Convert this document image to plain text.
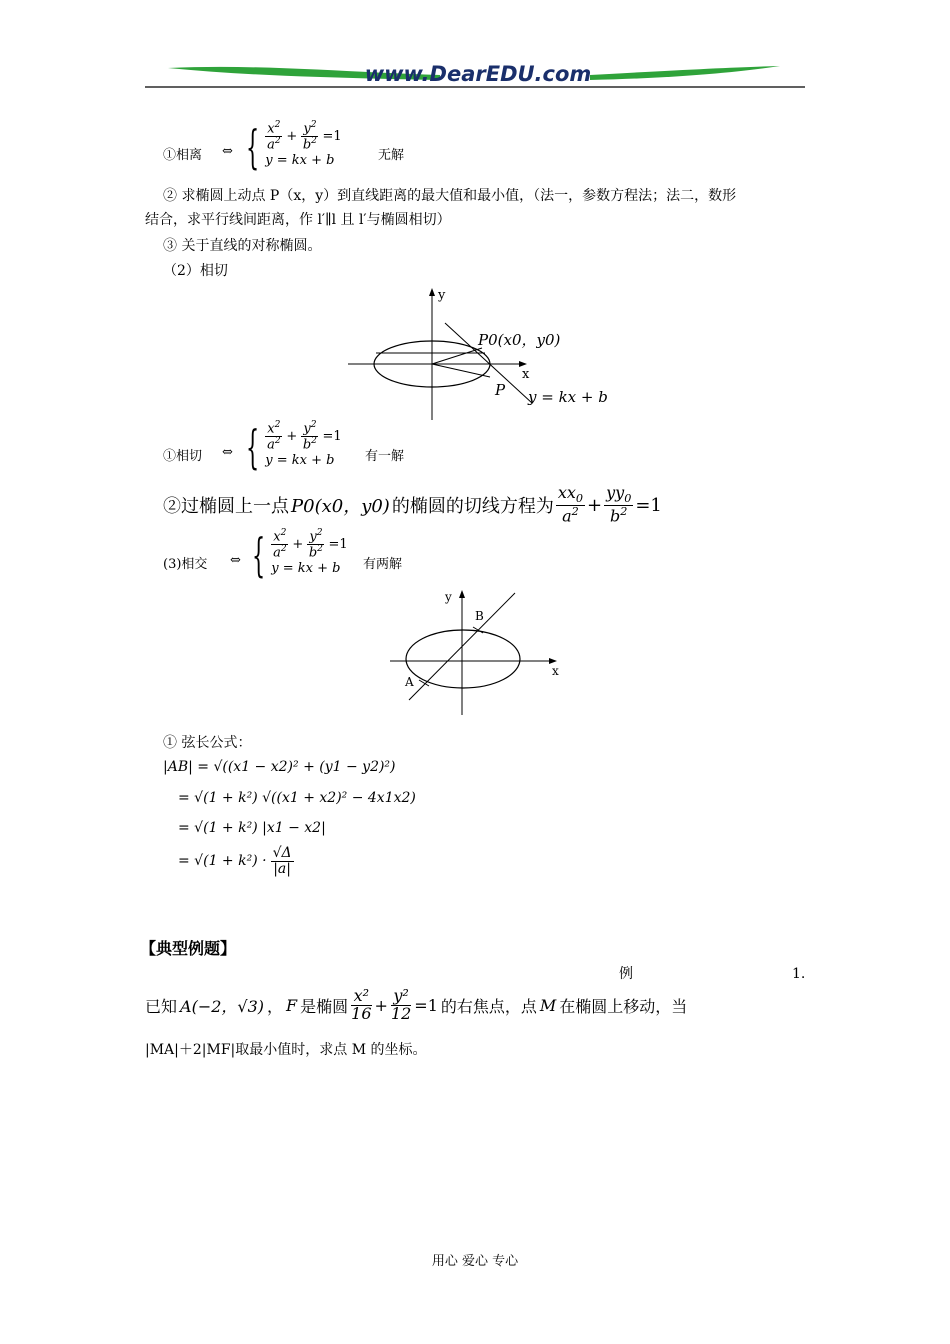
www.DearEDU.com
①相离 ⇔ { $\frac{x^2}{a^2} + \frac{y^2}{b^2} =1$
y = kx + b	无解
② 求椭圆上动点 P（x，y）到直线距离的最大值和最小值，（法一，参数方程法；法二，数形
结合，求平行线间距离，作 l′∥l 且 l′与椭圆相切）
③ 关于直线的对称椭圆。
（2）相切
y
x
P0(x0，y0)
P y = kx + b
①相切 ⇔ { $\frac{x^2}{a^2} + \frac{y^2}{b^2} =1$
y = kx + b	有一解
②过椭圆上一点 P0(x0，y0) 的椭圆的切线方程为 $\frac{xx_0}{a^2} + \frac{yy_0}{b^2} =1$
(3)相交 ⇔ { $\frac{x^2}{a^2} + \frac{y^2}{b^2} =1$
y = kx + b	有两解
y
x
A
B
① 弦长公式：
|AB| = √((x1 − x2)² + (y1 − y2)²)
= √(1 + k²) √((x1 + x2)² − 4x1x2)
= √(1 + k²) |x1 − x2|
= $√(1 + k^2) \cdot \frac{√\Delta}{|a|}$
【典型例题】
例	1.
已知 A(−2，√3) ， F 是椭圆 $\frac{\text{x²}}{16} + \frac{\text{y²}}{12} =1$ 的右焦点，点 M 在椭圆上移动，当
|MA|＋2|MF|取最小值时，求点 M 的坐标。
用心 爱心 专心
